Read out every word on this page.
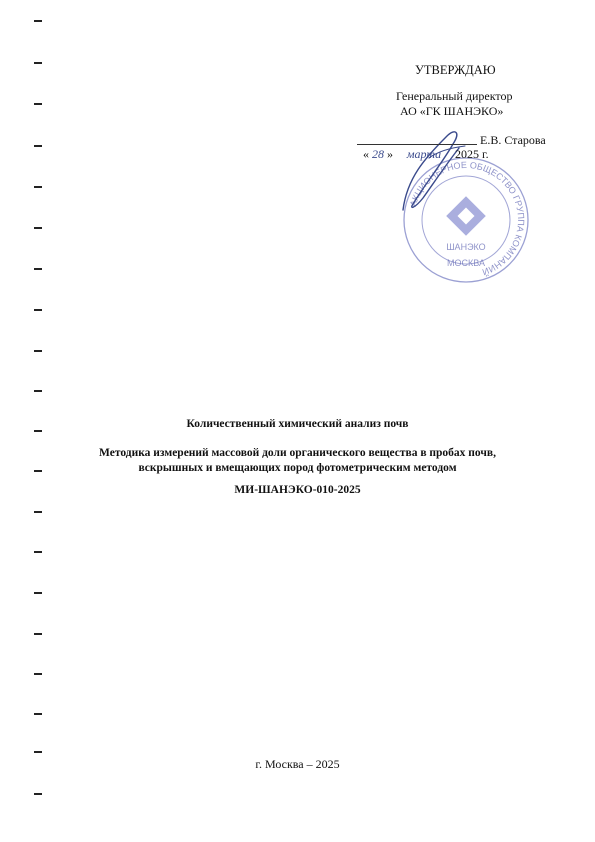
АКЦИОНЕРНОЕ ОБЩЕСТВО ГРУППА КОМПАНИЙ
ШАНЭКО
МОСКВА
УТВЕРЖДАЮ
Генеральный директор
АО «ГК ШАНЭКО»
Е.В. Старова
« 28 » марта 2025 г.
Количественный химический анализ почв
Методика измерений массовой доли органического вещества в пробах почв,
вскрышных и вмещающих пород фотометрическим методом
МИ-ШАНЭКО-010-2025
г. Москва – 2025
